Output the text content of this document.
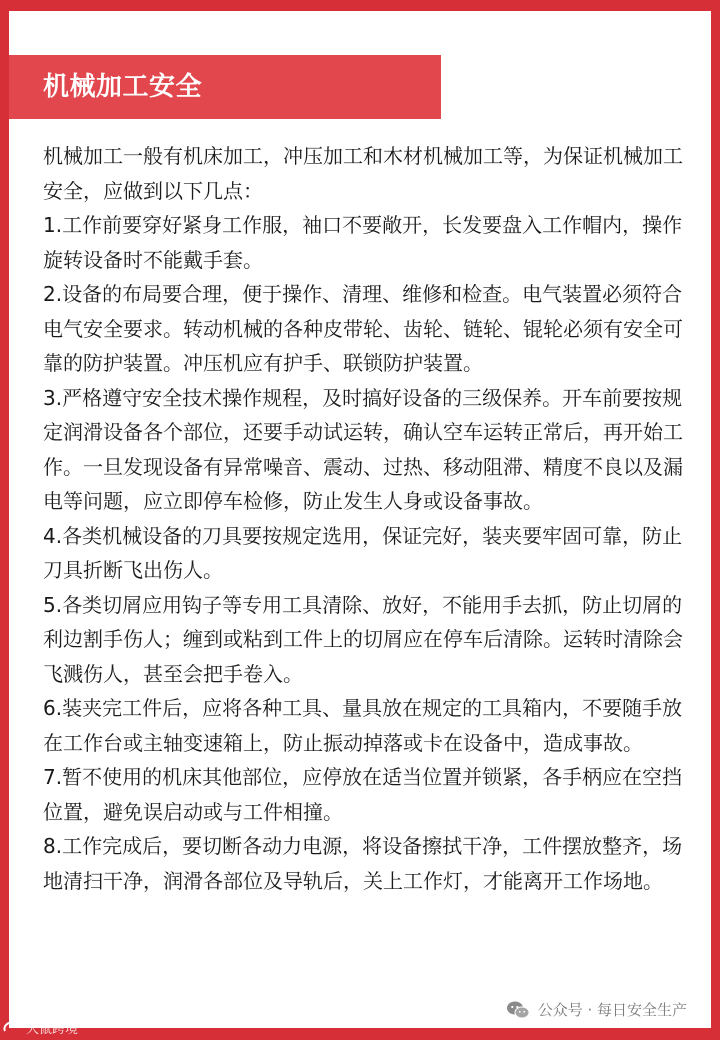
机械加工安全

机械加工一般有机床加工，冲压加工和木材机械加工等，为保证机械加工安全，应做到以下几点：

1.工作前要穿好紧身工作服，袖口不要敞开，长发要盘入工作帽内，操作旋转设备时不能戴手套。

2.设备的布局要合理，便于操作、清理、维修和检查。电气装置必须符合电气安全要求。转动机械的各种皮带轮、齿轮、链轮、锟轮必须有安全可靠的防护装置。冲压机应有护手、联锁防护装置。

3.严格遵守安全技术操作规程，及时搞好设备的三级保养。开车前要按规定润滑设备各个部位，还要手动试运转，确认空车运转正常后，再开始工作。一旦发现设备有异常噪音、震动、过热、移动阻滞、精度不良以及漏电等问题，应立即停车检修，防止发生人身或设备事故。

4.各类机械设备的刀具要按规定选用，保证完好，装夹要牢固可靠，防止刀具折断飞出伤人。

5.各类切屑应用钩子等专用工具清除、放好，不能用手去抓，防止切屑的利边割手伤人；缠到或粘到工件上的切屑应在停车后清除。运转时清除会飞溅伤人，甚至会把手卷入。

6.装夹完工件后，应将各种工具、量具放在规定的工具箱内，不要随手放在工作台或主轴变速箱上，防止振动掉落或卡在设备中，造成事故。

7.暂不使用的机床其他部位，应停放在适当位置并锁紧，各手柄应在空挡位置，避免误启动或与工件相撞。

8.工作完成后，要切断各动力电源，将设备擦拭干净，工件摆放整齐，场地清扫干净，润滑各部位及导轨后，关上工作灯，才能离开工作场地。

公众号 · 每日安全生产
大鼠跨境
